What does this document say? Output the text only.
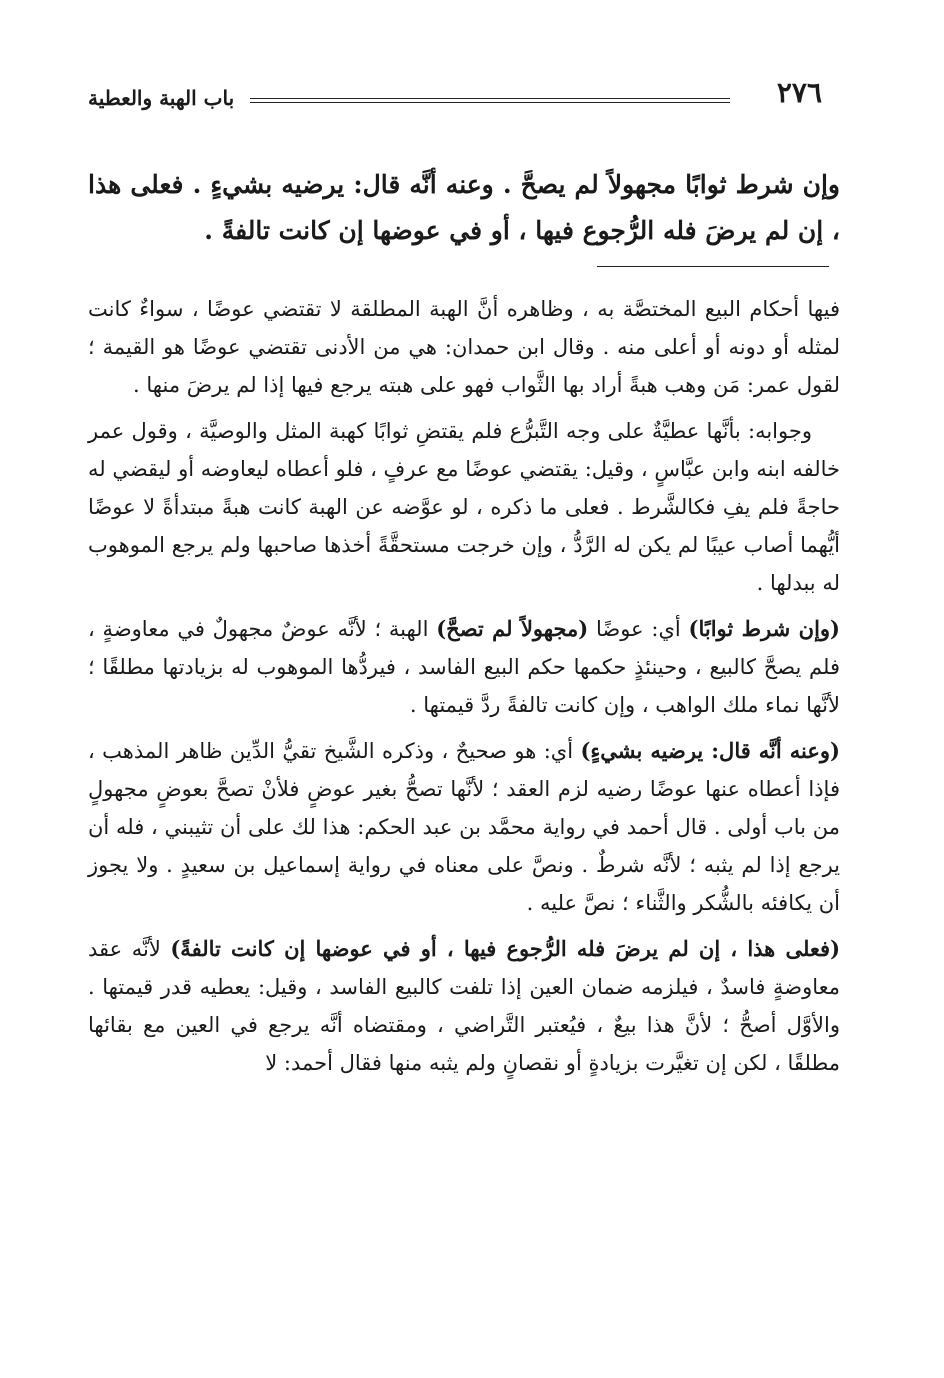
٢٧٦
باب الهبة والعطية

وإن شرط ثوابًا مجهولاً لم يصحَّ . وعنه أنَّه قال: يرضيه بشيءٍ . فعلى هذا ، إن لم يرضَ فله الرُّجوع فيها ، أو في عوضها إن كانت تالفةً .

فيها أحكام البيع المختصَّة به ، وظاهره أنَّ الهبة المطلقة لا تقتضي عوضًا ، سواءٌ كانت لمثله أو دونه أو أعلى منه . وقال ابن حمدان: هي من الأدنى تقتضي عوضًا هو القيمة ؛ لقول عمر: مَن وهب هبةً أراد بها الثَّواب فهو على هبته يرجع فيها إذا لم يرضَ منها .

وجوابه: بأنَّها عطيَّةٌ على وجه التَّبرُّع فلم يقتضِ ثوابًا كهبة المثل والوصيَّة ، وقول عمر خالفه ابنه وابن عبَّاسٍ ، وقيل: يقتضي عوضًا مع عرفٍ ، فلو أعطاه ليعاوضه أو ليقضي له حاجةً فلم يفِ فكالشَّرط . فعلى ما ذكره ، لو عوَّضه عن الهبة كانت هبةً مبتدأةً لا عوضًا أيُّهما أصاب عيبًا لم يكن له الرَّدُّ ، وإن خرجت مستحقَّةً أخذها صاحبها ولم يرجع الموهوب له ببدلها .

(وإن شرط ثوابًا) أي: عوضًا (مجهولاً لم تصحَّ) الهبة ؛ لأنَّه عوضٌ مجهولٌ في معاوضةٍ ، فلم يصحَّ كالبيع ، وحينئذٍ حكمها حكم البيع الفاسد ، فيردُّها الموهوب له بزيادتها مطلقًا ؛ لأنَّها نماء ملك الواهب ، وإن كانت تالفةً ردَّ قيمتها .

(وعنه أنَّه قال: يرضيه بشيءٍ) أي: هو صحيحٌ ، وذكره الشَّيخ تقيُّ الدِّين ظاهر المذهب ، فإذا أعطاه عنها عوضًا رضيه لزم العقد ؛ لأنَّها تصحُّ بغير عوضٍ فلأنْ تصحَّ بعوضٍ مجهولٍ من باب أولى . قال أحمد في رواية محمَّد بن عبد الحكم: هذا لك على أن تثيبني ، فله أن يرجع إذا لم يثبه ؛ لأنَّه شرطٌ . ونصَّ على معناه في رواية إسماعيل بن سعيدٍ . ولا يجوز أن يكافئه بالشُّكر والثَّناء ؛ نصَّ عليه .

(فعلى هذا ، إن لم يرضَ فله الرُّجوع فيها ، أو في عوضها إن كانت تالفةً) لأنَّه عقد معاوضةٍ فاسدٌ ، فيلزمه ضمان العين إذا تلفت كالبيع الفاسد ، وقيل: يعطيه قدر قيمتها . والأوَّل أصحُّ ؛ لأنَّ هذا بيعٌ ، فيُعتبر التَّراضي ، ومقتضاه أنَّه يرجع في العين مع بقائها مطلقًا ، لكن إن تغيَّرت بزيادةٍ أو نقصانٍ ولم يثبه منها فقال أحمد: لا
